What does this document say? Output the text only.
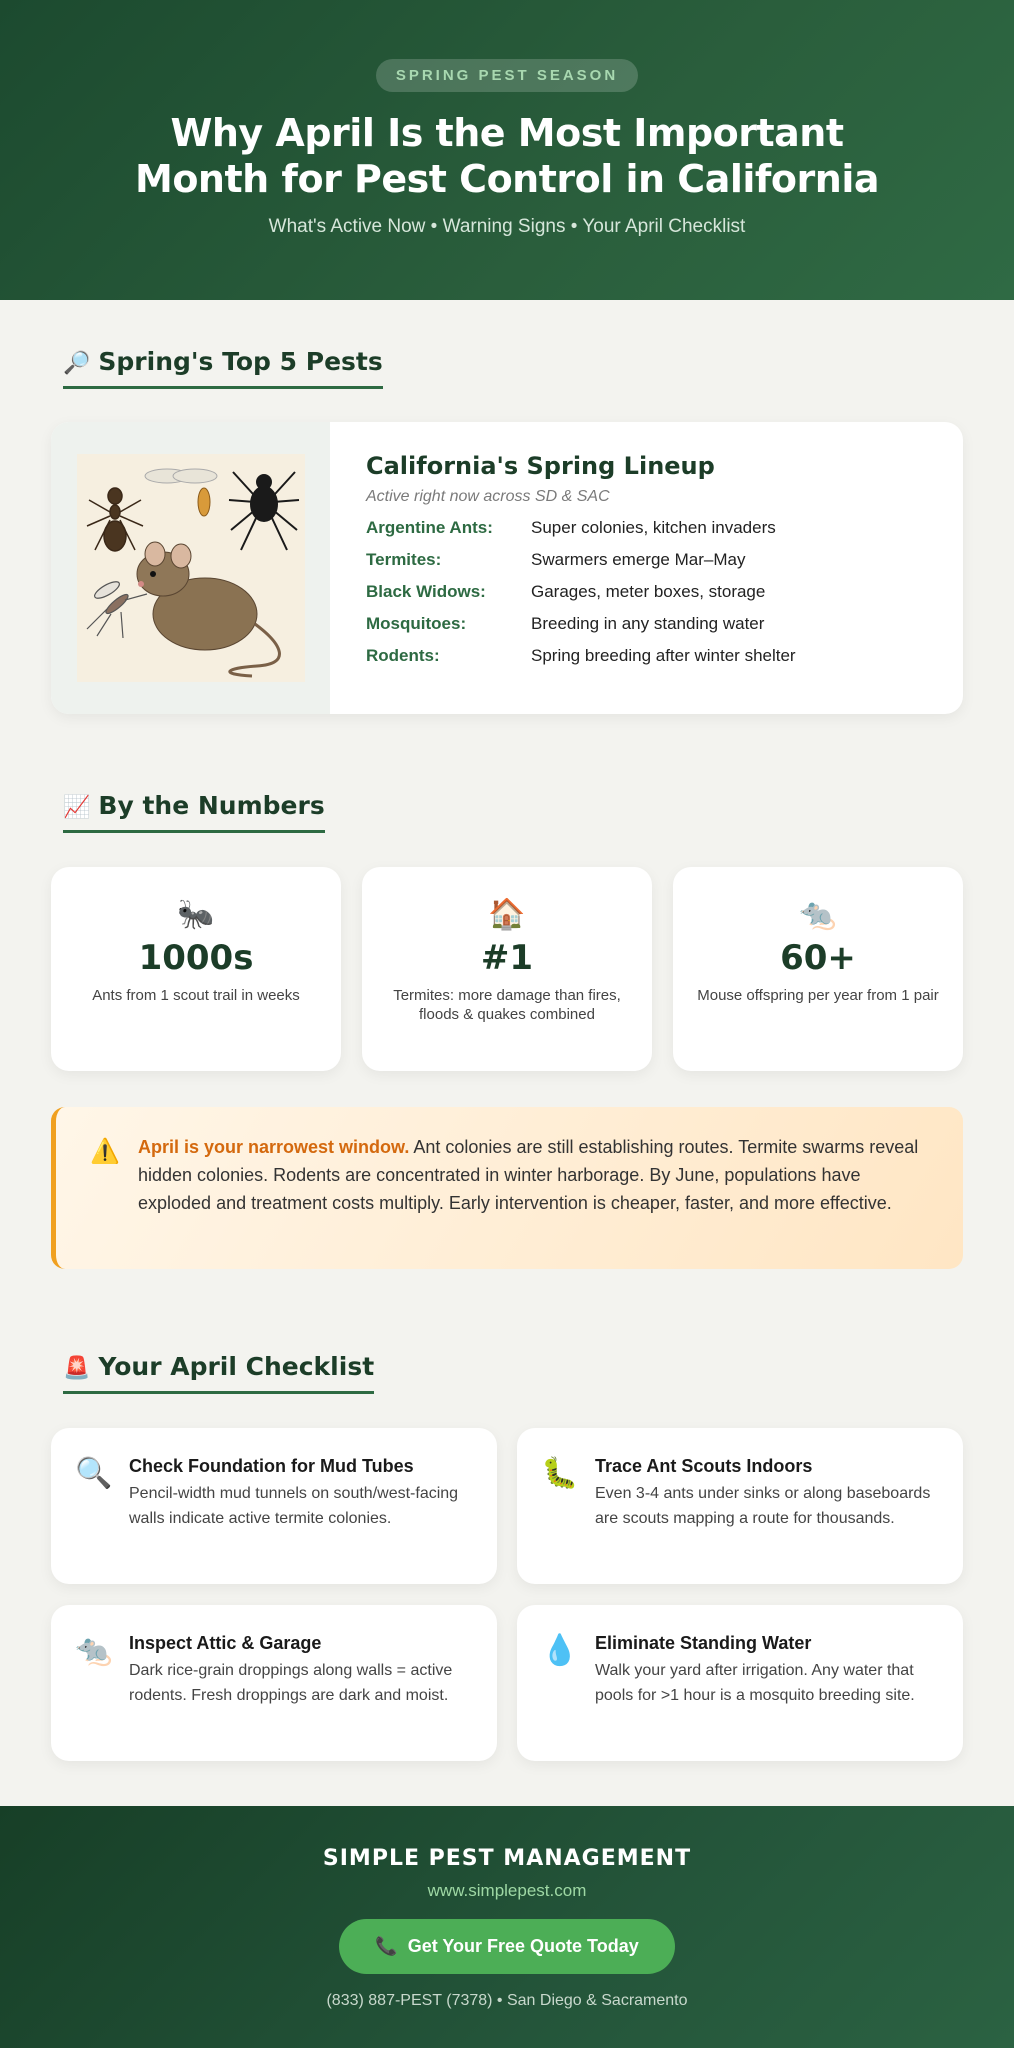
SPRING PEST SEASON
Why April Is the Most Important
Month for Pest Control in California
What's Active Now • Warning Signs • Your April Checklist
🔎 Spring's Top 5 Pests
California's Spring Lineup
Active right now across SD & SAC
Argentine Ants:	Super colonies, kitchen invaders
Termites:	Swarmers emerge Mar–May
Black Widows:	Garages, meter boxes, storage
Mosquitoes:	Breeding in any standing water
Rodents:	Spring breeding after winter shelter
📈 By the Numbers
🐜
1000s
Ants from 1 scout trail in weeks
🏠
#1
Termites: more damage than fires, floods & quakes combined
🐀
60+
Mouse offspring per year from 1 pair
⚠️ April is your narrowest window. Ant colonies are still establishing routes. Termite swarms reveal hidden colonies. Rodents are concentrated in winter harborage. By June, populations have exploded and treatment costs multiply. Early intervention is cheaper, faster, and more effective.

🚨 Your April Checklist
🔍 Check Foundation for Mud Tubes

Pencil-width mud tunnels on south/west-facing walls indicate active termite colonies.

🐛 Trace Ant Scouts Indoors

Even 3-4 ants under sinks or along baseboards are scouts mapping a route for thousands.

🐀 Inspect Attic & Garage

Dark rice-grain droppings along walls = active rodents. Fresh droppings are dark and moist.

💧 Eliminate Standing Water

Walk your yard after irrigation. Any water that pools for >1 hour is a mosquito breeding site.

SIMPLE PEST MANAGEMENT
www.simplepest.com
📞 Get Your Free Quote Today
(833) 887-PEST (7378) • San Diego & Sacramento
